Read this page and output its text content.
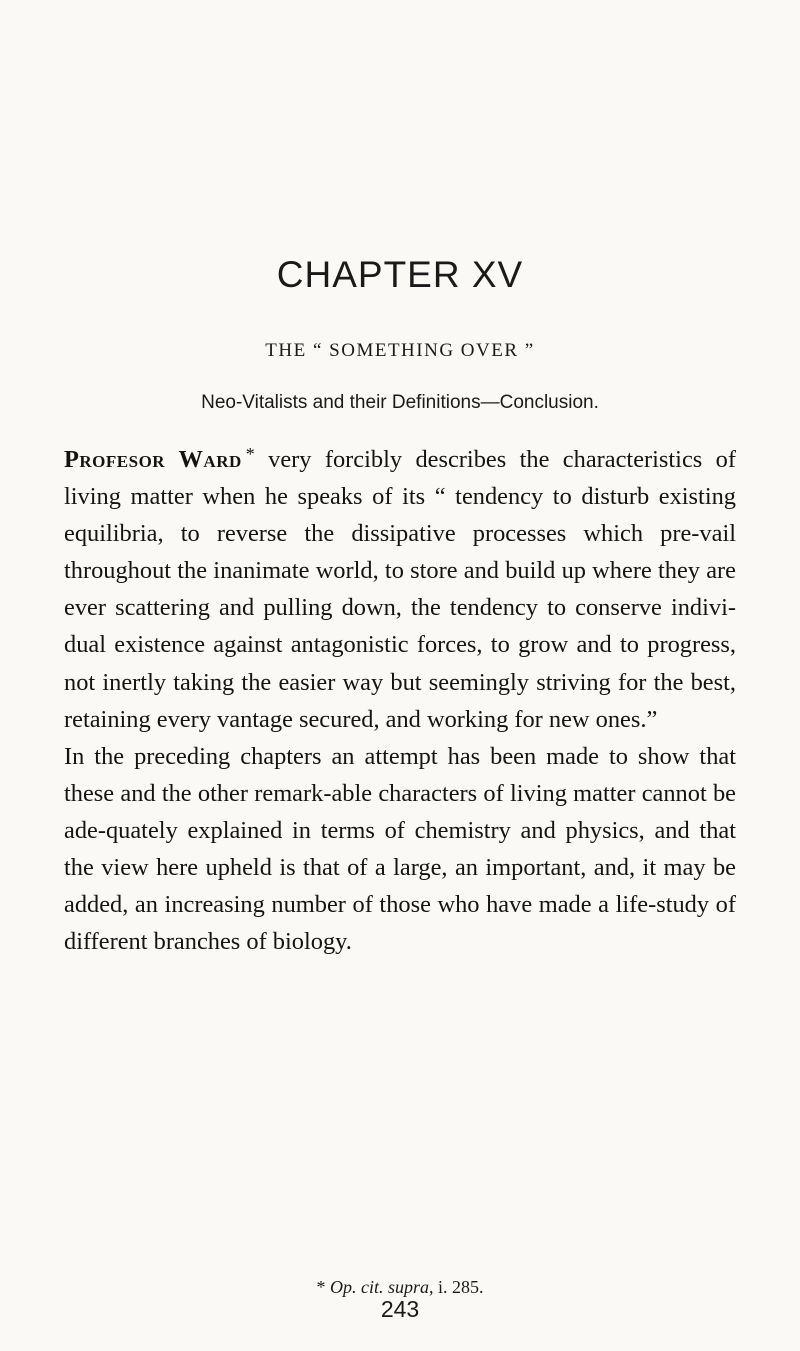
CHAPTER XV
THE “ SOMETHING OVER ”
Neo-Vitalists and their Definitions—Conclusion.

Profesor Ward * very forcibly describes the characteristics of living matter when he speaks of its “ tendency to disturb existing equilibria, to reverse the dissipative processes which pre-vail throughout the inanimate world, to store and build up where they are ever scattering and pulling down, the tendency to conserve indivi-dual existence against antagonistic forces, to grow and to progress, not inertly taking the easier way but seemingly striving for the best, retaining every vantage secured, and working for new ones.”

In the preceding chapters an attempt has been made to show that these and the other remark-able characters of living matter cannot be ade-quately explained in terms of chemistry and physics, and that the view here upheld is that of a large, an important, and, it may be added, an increasing number of those who have made a life-study of different branches of biology.

* Op. cit. supra, i. 285.
243
